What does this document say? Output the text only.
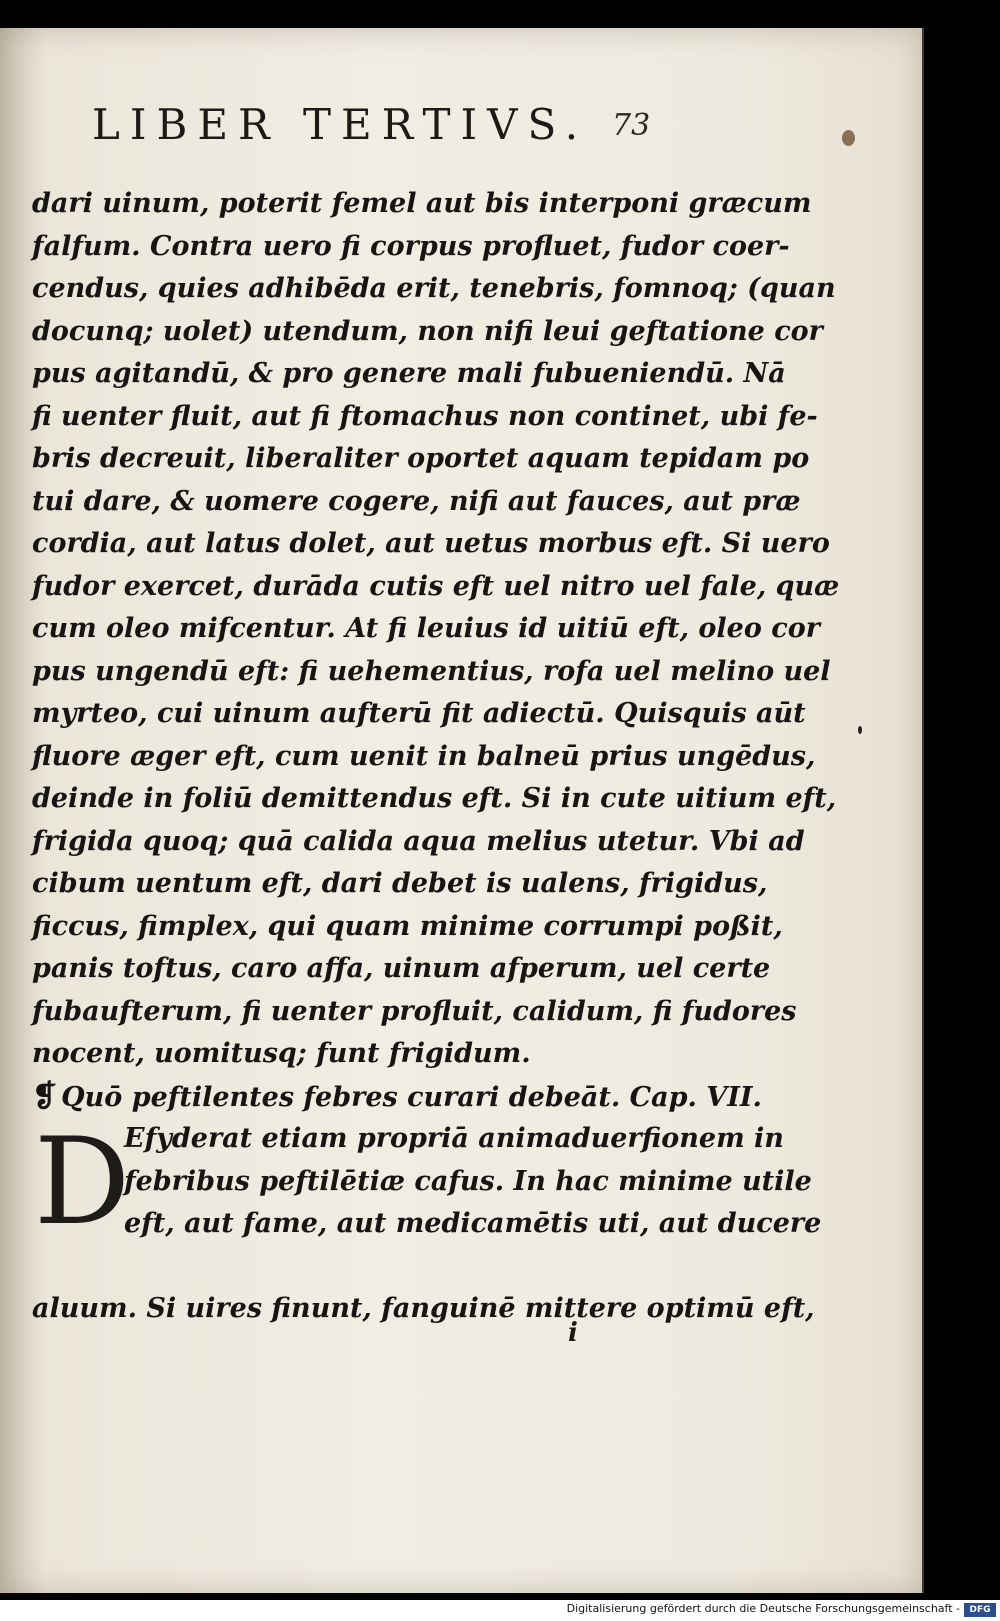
LIBER TERTIVS. 73
dari uinum, poterit femel aut bis interponi græcum
falfum. Contra uero fi corpus profluet, fudor coer-
cendus, quies adhibēda erit, tenebris, fomnoq; (quan
docunq; uolet) utendum, non nifi leui geftatione cor
pus agitandū, & pro genere mali fubueniendū. Nā
fi uenter fluit, aut fi ftomachus non continet, ubi fe-
bris decreuit, liberaliter oportet aquam tepidam po
tui dare, & uomere cogere, nifi aut fauces, aut præ
cordia, aut latus dolet, aut uetus morbus eft. Si uero
fudor exercet, durāda cutis eft uel nitro uel fale, quæ
cum oleo mifcentur. At fi leuius id uitiū eft, oleo cor
pus ungendū eft: fi uehementius, rofa uel melino uel
myrteo, cui uinum aufterū fit adiectū. Quisquis aūt
fluore æger eft, cum uenit in balneū prius ungēdus,
deinde in foliū demittendus eft. Si in cute uitium eft,
frigida quoq; quā calida aqua melius utetur. Vbi ad
cibum uentum eft, dari debet is ualens, frigidus,
ficcus, fimplex, qui quam minime corrumpi poßit,
panis toftus, caro affa, uinum afperum, uel certe
fubaufterum, fi uenter profluit, calidum, fi fudores
nocent, uomitusq; funt frigidum.
❡ Quō peftilentes febres curari debeāt. Cap. VII.
D
Efyderat etiam propriā animaduerfionem in
febribus peftilētiæ cafus. In hac minime utile
eft, aut fame, aut medicamētis uti, aut ducere
aluum. Si uires finunt, fanguinē mittere optimū eft,
i
Digitalisierung gefördert durch die Deutsche Forschungsgemeinschaft -	DFG
